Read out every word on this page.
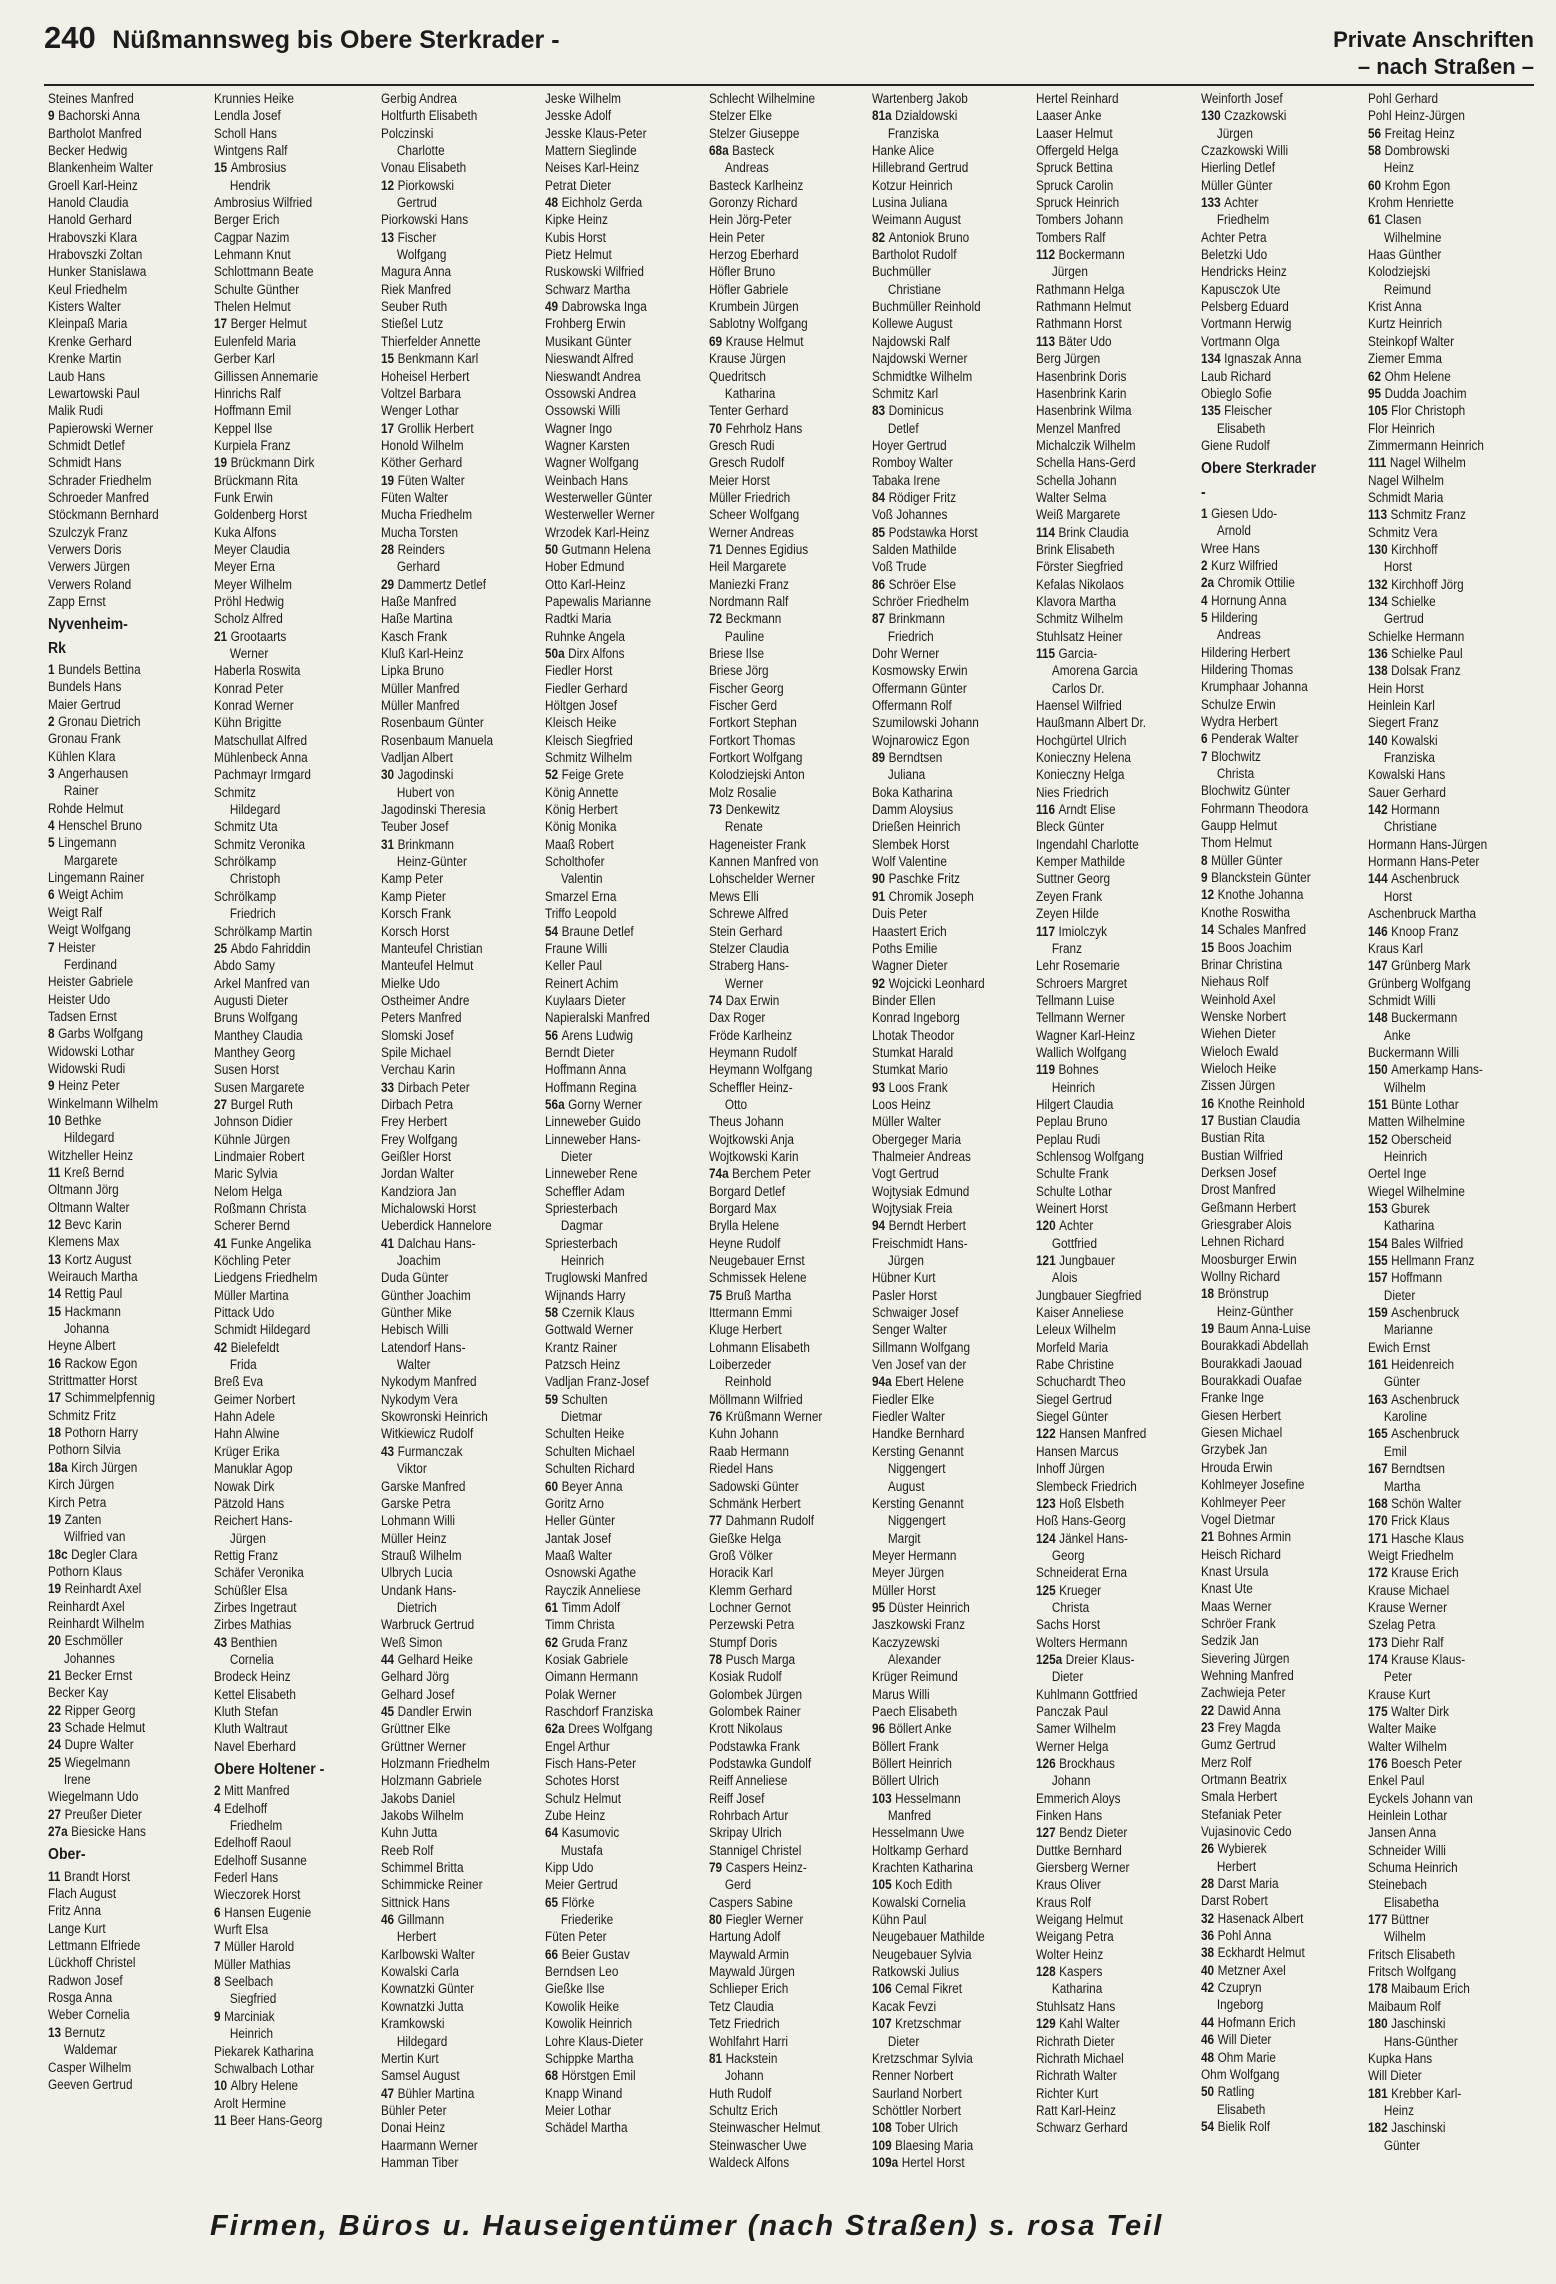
240 Nüßmannsweg bis Obere Sterkrader -	Private Anschriften
– nach Straßen –
Steines Manfred
9 Bachorski Anna
Bartholot Manfred
Becker Hedwig
Blankenheim Walter
Groell Karl-Heinz
Hanold Claudia
Hanold Gerhard
Hrabovszki Klara
Hrabovszki Zoltan
Hunker Stanislawa
Keul Friedhelm
Kisters Walter
Kleinpaß Maria
Krenke Gerhard
Krenke Martin
Laub Hans
Lewartowski Paul
Malik Rudi
Papierowski Werner
Schmidt Detlef
Schmidt Hans
Schrader Friedhelm
Schroeder Manfred
Stöckmann Bernhard
Szulczyk Franz
Verwers Doris
Verwers Jürgen
Verwers Roland
Zapp Ernst
Nyvenheim-
Rk
1 Bundels Bettina
Bundels Hans
Maier Gertrud
2 Gronau Dietrich
Gronau Frank
Kühlen Klara
3 Angerhausen
Rainer
Rohde Helmut
4 Henschel Bruno
5 Lingemann
Margarete
Lingemann Rainer
6 Weigt Achim
Weigt Ralf
Weigt Wolfgang
7 Heister
Ferdinand
Heister Gabriele
Heister Udo
Tadsen Ernst
8 Garbs Wolfgang
Widowski Lothar
Widowski Rudi
9 Heinz Peter
Winkelmann Wilhelm
10 Bethke
Hildegard
Witzheller Heinz
11 Kreß Bernd
Oltmann Jörg
Oltmann Walter
12 Bevc Karin
Klemens Max
13 Kortz August
Weirauch Martha
14 Rettig Paul
15 Hackmann
Johanna
Heyne Albert
16 Rackow Egon
Strittmatter Horst
17 Schimmelpfennig
Schmitz Fritz
18 Pothorn Harry
Pothorn Silvia
18a Kirch Jürgen
Kirch Jürgen
Kirch Petra
19 Zanten
Wilfried van
18c Degler Clara
Pothorn Klaus
19 Reinhardt Axel
Reinhardt Axel
Reinhardt Wilhelm
20 Eschmöller
Johannes
21 Becker Ernst
Becker Kay
22 Ripper Georg
23 Schade Helmut
24 Dupre Walter
25 Wiegelmann
Irene
Wiegelmann Udo
27 Preußer Dieter
27a Biesicke Hans
Ober-
11 Brandt Horst
Flach August
Fritz Anna
Lange Kurt
Lettmann Elfriede
Lückhoff Christel
Radwon Josef
Rosga Anna
Weber Cornelia
13 Bernutz
Waldemar
Casper Wilhelm
Geeven Gertrud
Krunnies Heike
Lendla Josef
Scholl Hans
Wintgens Ralf
15 Ambrosius
Hendrik
Ambrosius Wilfried
Berger Erich
Cagpar Nazim
Lehmann Knut
Schlottmann Beate
Schulte Günther
Thelen Helmut
17 Berger Helmut
Eulenfeld Maria
Gerber Karl
Gillissen Annemarie
Hinrichs Ralf
Hoffmann Emil
Keppel Ilse
Kurpiela Franz
19 Brückmann Dirk
Brückmann Rita
Funk Erwin
Goldenberg Horst
Kuka Alfons
Meyer Claudia
Meyer Erna
Meyer Wilhelm
Pröhl Hedwig
Scholz Alfred
21 Grootaarts
Werner
Haberla Roswita
Konrad Peter
Konrad Werner
Kühn Brigitte
Matschullat Alfred
Mühlenbeck Anna
Pachmayr Irmgard
Schmitz
Hildegard
Schmitz Uta
Schmitz Veronika
Schrölkamp
Christoph
Schrölkamp
Friedrich
Schrölkamp Martin
25 Abdo Fahriddin
Abdo Samy
Arkel Manfred van
Augusti Dieter
Bruns Wolfgang
Manthey Claudia
Manthey Georg
Susen Horst
Susen Margarete
27 Burgel Ruth
Johnson Didier
Kühnle Jürgen
Lindmaier Robert
Maric Sylvia
Nelom Helga
Roßmann Christa
Scherer Bernd
41 Funke Angelika
Köchling Peter
Liedgens Friedhelm
Müller Martina
Pittack Udo
Schmidt Hildegard
42 Bielefeldt
Frida
Breß Eva
Geimer Norbert
Hahn Adele
Hahn Alwine
Krüger Erika
Manuklar Agop
Nowak Dirk
Pätzold Hans
Reichert Hans-
Jürgen
Rettig Franz
Schäfer Veronika
Schüßler Elsa
Zirbes Ingetraut
Zirbes Mathias
43 Benthien
Cornelia
Brodeck Heinz
Kettel Elisabeth
Kluth Stefan
Kluth Waltraut
Navel Eberhard
Obere Holtener -
2 Mitt Manfred
4 Edelhoff
Friedhelm
Edelhoff Raoul
Edelhoff Susanne
Federl Hans
Wieczorek Horst
6 Hansen Eugenie
Wurft Elsa
7 Müller Harold
Müller Mathias
8 Seelbach
Siegfried
9 Marciniak
Heinrich
Piekarek Katharina
Schwalbach Lothar
10 Albry Helene
Arolt Hermine
11 Beer Hans-Georg
Gerbig Andrea
Holtfurth Elisabeth
Polczinski
Charlotte
Vonau Elisabeth
12 Piorkowski
Gertrud
Piorkowski Hans
13 Fischer
Wolfgang
Magura Anna
Riek Manfred
Seuber Ruth
Stießel Lutz
Thierfelder Annette
15 Benkmann Karl
Hoheisel Herbert
Voltzel Barbara
Wenger Lothar
17 Grollik Herbert
Honold Wilhelm
Köther Gerhard
19 Füten Walter
Füten Walter
Mucha Friedhelm
Mucha Torsten
28 Reinders
Gerhard
29 Dammertz Detlef
Haße Manfred
Haße Martina
Kasch Frank
Kluß Karl-Heinz
Lipka Bruno
Müller Manfred
Müller Manfred
Rosenbaum Günter
Rosenbaum Manuela
Vadljan Albert
30 Jagodinski
Hubert von
Jagodinski Theresia
Teuber Josef
31 Brinkmann
Heinz-Günter
Kamp Peter
Kamp Pieter
Korsch Frank
Korsch Horst
Manteufel Christian
Manteufel Helmut
Mielke Udo
Ostheimer Andre
Peters Manfred
Slomski Josef
Spile Michael
Verchau Karin
33 Dirbach Peter
Dirbach Petra
Frey Herbert
Frey Wolfgang
Geißler Horst
Jordan Walter
Kandziora Jan
Michalowski Horst
Ueberdick Hannelore
41 Dalchau Hans-
Joachim
Duda Günter
Günther Joachim
Günther Mike
Hebisch Willi
Latendorf Hans-
Walter
Nykodym Manfred
Nykodym Vera
Skowronski Heinrich
Witkiewicz Rudolf
43 Furmanczak
Viktor
Garske Manfred
Garske Petra
Lohmann Willi
Müller Heinz
Strauß Wilhelm
Ulbrych Lucia
Undank Hans-
Dietrich
Warbruck Gertrud
Weß Simon
44 Gelhard Heike
Gelhard Jörg
Gelhard Josef
45 Dandler Erwin
Grüttner Elke
Grüttner Werner
Holzmann Friedhelm
Holzmann Gabriele
Jakobs Daniel
Jakobs Wilhelm
Kuhn Jutta
Reeb Rolf
Schimmel Britta
Schimmicke Reiner
Sittnick Hans
46 Gillmann
Herbert
Karlbowski Walter
Kowalski Carla
Kownatzki Günter
Kownatzki Jutta
Kramkowski
Hildegard
Mertin Kurt
Samsel August
47 Bühler Martina
Bühler Peter
Donai Heinz
Haarmann Werner
Hamman Tiber
Jeske Wilhelm
Jesske Adolf
Jesske Klaus-Peter
Mattern Sieglinde
Neises Karl-Heinz
Petrat Dieter
48 Eichholz Gerda
Kipke Heinz
Kubis Horst
Pietz Helmut
Ruskowski Wilfried
Schwarz Martha
49 Dabrowska Inga
Frohberg Erwin
Musikant Günter
Nieswandt Alfred
Nieswandt Andrea
Ossowski Andrea
Ossowski Willi
Wagner Ingo
Wagner Karsten
Wagner Wolfgang
Weinbach Hans
Westerweller Günter
Westerweller Werner
Wrzodek Karl-Heinz
50 Gutmann Helena
Hober Edmund
Otto Karl-Heinz
Papewalis Marianne
Radtki Maria
Ruhnke Angela
50a Dirx Alfons
Fiedler Horst
Fiedler Gerhard
Höltgen Josef
Kleisch Heike
Kleisch Siegfried
Schmitz Wilhelm
52 Feige Grete
König Annette
König Herbert
König Monika
Maaß Robert
Scholthofer
Valentin
Smarzel Erna
Triffo Leopold
54 Braune Detlef
Fraune Willi
Keller Paul
Reinert Achim
Kuylaars Dieter
Napieralski Manfred
56 Arens Ludwig
Berndt Dieter
Hoffmann Anna
Hoffmann Regina
56a Gorny Werner
Linneweber Guido
Linneweber Hans-
Dieter
Linneweber Rene
Scheffler Adam
Spriesterbach
Dagmar
Spriesterbach
Heinrich
Truglowski Manfred
Wijnands Harry
58 Czernik Klaus
Gottwald Werner
Krantz Rainer
Patzsch Heinz
Vadljan Franz-Josef
59 Schulten
Dietmar
Schulten Heike
Schulten Michael
Schulten Richard
60 Beyer Anna
Goritz Arno
Heller Günter
Jantak Josef
Maaß Walter
Osnowski Agathe
Rayczik Anneliese
61 Timm Adolf
Timm Christa
62 Gruda Franz
Kosiak Gabriele
Oimann Hermann
Polak Werner
Raschdorf Franziska
62a Drees Wolfgang
Engel Arthur
Fisch Hans-Peter
Schotes Horst
Schulz Helmut
Zube Heinz
64 Kasumovic
Mustafa
Kipp Udo
Meier Gertrud
65 Flörke
Friederike
Füten Peter
66 Beier Gustav
Berndsen Leo
Gießke Ilse
Kowolik Heike
Kowolik Heinrich
Lohre Klaus-Dieter
Schippke Martha
68 Hörstgen Emil
Knapp Winand
Meier Lothar
Schädel Martha
Schlecht Wilhelmine
Stelzer Elke
Stelzer Giuseppe
68a Basteck
Andreas
Basteck Karlheinz
Goronzy Richard
Hein Jörg-Peter
Hein Peter
Herzog Eberhard
Höfler Bruno
Höfler Gabriele
Krumbein Jürgen
Sablotny Wolfgang
69 Krause Helmut
Krause Jürgen
Quedritsch
Katharina
Tenter Gerhard
70 Fehrholz Hans
Gresch Rudi
Gresch Rudolf
Meier Horst
Müller Friedrich
Scheer Wolfgang
Werner Andreas
71 Dennes Egidius
Heil Margarete
Maniezki Franz
Nordmann Ralf
72 Beckmann
Pauline
Briese Ilse
Briese Jörg
Fischer Georg
Fischer Gerd
Fortkort Stephan
Fortkort Thomas
Fortkort Wolfgang
Kolodziejski Anton
Molz Rosalie
73 Denkewitz
Renate
Hageneister Frank
Kannen Manfred von
Lohschelder Werner
Mews Elli
Schrewe Alfred
Stein Gerhard
Stelzer Claudia
Straberg Hans-
Werner
74 Dax Erwin
Dax Roger
Fröde Karlheinz
Heymann Rudolf
Heymann Wolfgang
Scheffler Heinz-
Otto
Theus Johann
Wojtkowski Anja
Wojtkowski Karin
74a Berchem Peter
Borgard Detlef
Borgard Max
Brylla Helene
Heyne Rudolf
Neugebauer Ernst
Schmissek Helene
75 Bruß Martha
Ittermann Emmi
Kluge Herbert
Lohmann Elisabeth
Loiberzeder
Reinhold
Möllmann Wilfried
76 Krüßmann Werner
Kuhn Johann
Raab Hermann
Riedel Hans
Sadowski Günter
Schmänk Herbert
77 Dahmann Rudolf
Gießke Helga
Groß Völker
Horacik Karl
Klemm Gerhard
Lochner Gernot
Perzewski Petra
Stumpf Doris
78 Pusch Marga
Kosiak Rudolf
Golombek Jürgen
Golombek Rainer
Krott Nikolaus
Podstawka Frank
Podstawka Gundolf
Reiff Anneliese
Reiff Josef
Rohrbach Artur
Skripay Ulrich
Stannigel Christel
79 Caspers Heinz-
Gerd
Caspers Sabine
80 Fiegler Werner
Hartung Adolf
Maywald Armin
Maywald Jürgen
Schlieper Erich
Tetz Claudia
Tetz Friedrich
Wohlfahrt Harri
81 Hackstein
Johann
Huth Rudolf
Schultz Erich
Steinwascher Helmut
Steinwascher Uwe
Waldeck Alfons
Wartenberg Jakob
81a Dzialdowski
Franziska
Hanke Alice
Hillebrand Gertrud
Kotzur Heinrich
Lusina Juliana
Weimann August
82 Antoniok Bruno
Bartholot Rudolf
Buchmüller
Christiane
Buchmüller Reinhold
Kollewe August
Najdowski Ralf
Najdowski Werner
Schmidtke Wilhelm
Schmitz Karl
83 Dominicus
Detlef
Hoyer Gertrud
Romboy Walter
Tabaka Irene
84 Rödiger Fritz
Voß Johannes
85 Podstawka Horst
Salden Mathilde
Voß Trude
86 Schröer Else
Schröer Friedhelm
87 Brinkmann
Friedrich
Dohr Werner
Kosmowsky Erwin
Offermann Günter
Offermann Rolf
Szumilowski Johann
Wojnarowicz Egon
89 Berndtsen
Juliana
Boka Katharina
Damm Aloysius
Drießen Heinrich
Slembek Horst
Wolf Valentine
90 Paschke Fritz
91 Chromik Joseph
Duis Peter
Haastert Erich
Poths Emilie
Wagner Dieter
92 Wojcicki Leonhard
Binder Ellen
Konrad Ingeborg
Lhotak Theodor
Stumkat Harald
Stumkat Mario
93 Loos Frank
Loos Heinz
Müller Walter
Obergeger Maria
Thalmeier Andreas
Vogt Gertrud
Wojtysiak Edmund
Wojtysiak Freia
94 Berndt Herbert
Freischmidt Hans-
Jürgen
Hübner Kurt
Pasler Horst
Schwaiger Josef
Senger Walter
Sillmann Wolfgang
Ven Josef van der
94a Ebert Helene
Fiedler Elke
Fiedler Walter
Handke Bernhard
Kersting Genannt
Niggengert
August
Kersting Genannt
Niggengert
Margit
Meyer Hermann
Meyer Jürgen
Müller Horst
95 Düster Heinrich
Jaszkowski Franz
Kaczyzewski
Alexander
Krüger Reimund
Marus Willi
Paech Elisabeth
96 Böllert Anke
Böllert Frank
Böllert Heinrich
Böllert Ulrich
103 Hesselmann
Manfred
Hesselmann Uwe
Holtkamp Gerhard
Krachten Katharina
105 Koch Edith
Kowalski Cornelia
Kühn Paul
Neugebauer Mathilde
Neugebauer Sylvia
Ratkowski Julius
106 Cemal Fikret
Kacak Fevzi
107 Kretzschmar
Dieter
Kretzschmar Sylvia
Renner Norbert
Saurland Norbert
Schöttler Norbert
108 Tober Ulrich
109 Blaesing Maria
109a Hertel Horst
Hertel Reinhard
Laaser Anke
Laaser Helmut
Offergeld Helga
Spruck Bettina
Spruck Carolin
Spruck Heinrich
Tombers Johann
Tombers Ralf
112 Bockermann
Jürgen
Rathmann Helga
Rathmann Helmut
Rathmann Horst
113 Bäter Udo
Berg Jürgen
Hasenbrink Doris
Hasenbrink Karin
Hasenbrink Wilma
Menzel Manfred
Michalczik Wilhelm
Schella Hans-Gerd
Schella Johann
Walter Selma
Weiß Margarete
114 Brink Claudia
Brink Elisabeth
Förster Siegfried
Kefalas Nikolaos
Klavora Martha
Schmitz Wilhelm
Stuhlsatz Heiner
115 Garcia-
Amorena Garcia
Carlos Dr.
Haensel Wilfried
Haußmann Albert Dr.
Hochgürtel Ulrich
Konieczny Helena
Konieczny Helga
Nies Friedrich
116 Arndt Elise
Bleck Günter
Ingendahl Charlotte
Kemper Mathilde
Suttner Georg
Zeyen Frank
Zeyen Hilde
117 Imiolczyk
Franz
Lehr Rosemarie
Schroers Margret
Tellmann Luise
Tellmann Werner
Wagner Karl-Heinz
Wallich Wolfgang
119 Bohnes
Heinrich
Hilgert Claudia
Peplau Bruno
Peplau Rudi
Schlensog Wolfgang
Schulte Frank
Schulte Lothar
Weinert Horst
120 Achter
Gottfried
121 Jungbauer
Alois
Jungbauer Siegfried
Kaiser Anneliese
Leleux Wilhelm
Morfeld Maria
Rabe Christine
Schuchardt Theo
Siegel Gertrud
Siegel Günter
122 Hansen Manfred
Hansen Marcus
Inhoff Jürgen
Slembeck Friedrich
123 Hoß Elsbeth
Hoß Hans-Georg
124 Jänkel Hans-
Georg
Schneiderat Erna
125 Krueger
Christa
Sachs Horst
Wolters Hermann
125a Dreier Klaus-
Dieter
Kuhlmann Gottfried
Panczak Paul
Samer Wilhelm
Werner Helga
126 Brockhaus
Johann
Emmerich Aloys
Finken Hans
127 Bendz Dieter
Duttke Bernhard
Giersberg Werner
Kraus Oliver
Kraus Rolf
Weigang Helmut
Weigang Petra
Wolter Heinz
128 Kaspers
Katharina
Stuhlsatz Hans
129 Kahl Walter
Richrath Dieter
Richrath Michael
Richrath Walter
Richter Kurt
Ratt Karl-Heinz
Schwarz Gerhard
Weinforth Josef
130 Czazkowski
Jürgen
Czazkowski Willi
Hierling Detlef
Müller Günter
133 Achter
Friedhelm
Achter Petra
Beletzki Udo
Hendricks Heinz
Kapusczok Ute
Pelsberg Eduard
Vortmann Herwig
Vortmann Olga
134 Ignaszak Anna
Laub Richard
Obieglo Sofie
135 Fleischer
Elisabeth
Giene Rudolf
Obere Sterkrader
-
1 Giesen Udo-
Arnold
Wree Hans
2 Kurz Wilfried
2a Chromik Ottilie
4 Hornung Anna
5 Hildering
Andreas
Hildering Herbert
Hildering Thomas
Krumphaar Johanna
Schulze Erwin
Wydra Herbert
6 Penderak Walter
7 Blochwitz
Christa
Blochwitz Günter
Fohrmann Theodora
Gaupp Helmut
Thom Helmut
8 Müller Günter
9 Blanckstein Günter
12 Knothe Johanna
Knothe Roswitha
14 Schales Manfred
15 Boos Joachim
Brinar Christina
Niehaus Rolf
Weinhold Axel
Wenske Norbert
Wiehen Dieter
Wieloch Ewald
Wieloch Heike
Zissen Jürgen
16 Knothe Reinhold
17 Bustian Claudia
Bustian Rita
Bustian Wilfried
Derksen Josef
Drost Manfred
Geßmann Herbert
Griesgraber Alois
Lehnen Richard
Moosburger Erwin
Wollny Richard
18 Brönstrup
Heinz-Günther
19 Baum Anna-Luise
Bourakkadi Abdellah
Bourakkadi Jaouad
Bourakkadi Ouafae
Franke Inge
Giesen Herbert
Giesen Michael
Grzybek Jan
Hrouda Erwin
Kohlmeyer Josefine
Kohlmeyer Peer
Vogel Dietmar
21 Bohnes Armin
Heisch Richard
Knast Ursula
Knast Ute
Maas Werner
Schröer Frank
Sedzik Jan
Sievering Jürgen
Wehning Manfred
Zachwieja Peter
22 Dawid Anna
23 Frey Magda
Gumz Gertrud
Merz Rolf
Ortmann Beatrix
Smala Herbert
Stefaniak Peter
Vujasinovic Cedo
26 Wybierek
Herbert
28 Darst Maria
Darst Robert
32 Hasenack Albert
36 Pohl Anna
38 Eckhardt Helmut
40 Metzner Axel
42 Czupryn
Ingeborg
44 Hofmann Erich
46 Will Dieter
48 Ohm Marie
Ohm Wolfgang
50 Ratling
Elisabeth
54 Bielik Rolf
Pohl Gerhard
Pohl Heinz-Jürgen
56 Freitag Heinz
58 Dombrowski
Heinz
60 Krohm Egon
Krohm Henriette
61 Clasen
Wilhelmine
Haas Günther
Kolodziejski
Reimund
Krist Anna
Kurtz Heinrich
Steinkopf Walter
Ziemer Emma
62 Ohm Helene
95 Dudda Joachim
105 Flor Christoph
Flor Heinrich
Zimmermann Heinrich
111 Nagel Wilhelm
Nagel Wilhelm
Schmidt Maria
113 Schmitz Franz
Schmitz Vera
130 Kirchhoff
Horst
132 Kirchhoff Jörg
134 Schielke
Gertrud
Schielke Hermann
136 Schielke Paul
138 Dolsak Franz
Hein Horst
Heinlein Karl
Siegert Franz
140 Kowalski
Franziska
Kowalski Hans
Sauer Gerhard
142 Hormann
Christiane
Hormann Hans-Jürgen
Hormann Hans-Peter
144 Aschenbruck
Horst
Aschenbruck Martha
146 Knoop Franz
Kraus Karl
147 Grünberg Mark
Grünberg Wolfgang
Schmidt Willi
148 Buckermann
Anke
Buckermann Willi
150 Amerkamp Hans-
Wilhelm
151 Bünte Lothar
Matten Wilhelmine
152 Oberscheid
Heinrich
Oertel Inge
Wiegel Wilhelmine
153 Gburek
Katharina
154 Bales Wilfried
155 Hellmann Franz
157 Hoffmann
Dieter
159 Aschenbruck
Marianne
Ewich Ernst
161 Heidenreich
Günter
163 Aschenbruck
Karoline
165 Aschenbruck
Emil
167 Berndtsen
Martha
168 Schön Walter
170 Frick Klaus
171 Hasche Klaus
Weigt Friedhelm
172 Krause Erich
Krause Michael
Krause Werner
Szelag Petra
173 Diehr Ralf
174 Krause Klaus-
Peter
Krause Kurt
175 Walter Dirk
Walter Maike
Walter Wilhelm
176 Boesch Peter
Enkel Paul
Eyckels Johann van
Heinlein Lothar
Jansen Anna
Schneider Willi
Schuma Heinrich
Steinebach
Elisabetha
177 Büttner
Wilhelm
Fritsch Elisabeth
Fritsch Wolfgang
178 Maibaum Erich
Maibaum Rolf
180 Jaschinski
Hans-Günther
Kupka Hans
Will Dieter
181 Krebber Karl-
Heinz
182 Jaschinski
Günter
Firmen, Büros u. Hauseigentümer (nach Straßen) s. rosa Teil
